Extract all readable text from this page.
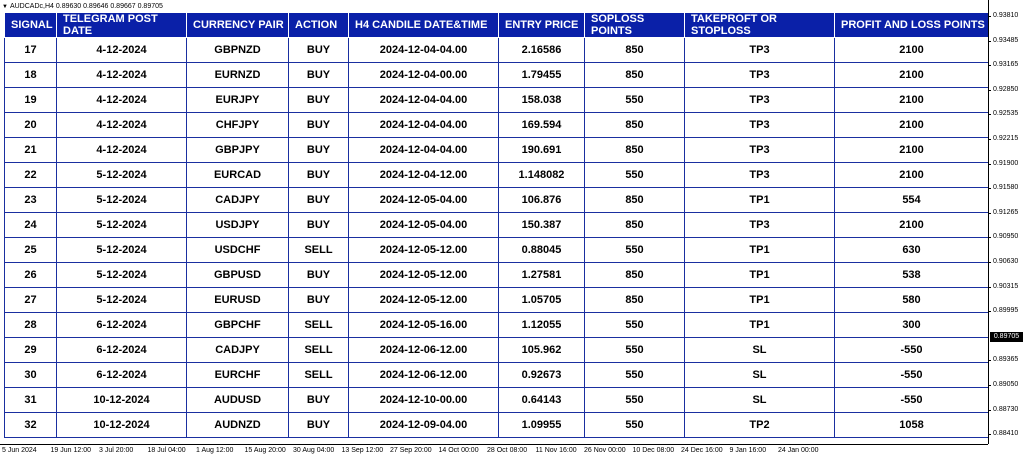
▼ AUDCADc,H4 0.89630 0.89646 0.89667 0.89705
SIGNAL	TELEGRAM POST DATE	CURRENCY PAIR	ACTION	H4 CANDILE DATE&TIME	ENTRY PRICE	SOPLOSS POINTS	TAKEPROFT OR STOPLOSS	PROFIT AND LOSS POINTS
17	4-12-2024	GBPNZD	BUY	2024-12-04-04.00	2.16586	850	TP3	2100
18	4-12-2024	EURNZD	BUY	2024-12-04-00.00	1.79455	850	TP3	2100
19	4-12-2024	EURJPY	BUY	2024-12-04-04.00	158.038	550	TP3	2100
20	4-12-2024	CHFJPY	BUY	2024-12-04-04.00	169.594	850	TP3	2100
21	4-12-2024	GBPJPY	BUY	2024-12-04-04.00	190.691	850	TP3	2100
22	5-12-2024	EURCAD	BUY	2024-12-04-12.00	1.148082	550	TP3	2100
23	5-12-2024	CADJPY	BUY	2024-12-05-04.00	106.876	850	TP1	554
24	5-12-2024	USDJPY	BUY	2024-12-05-04.00	150.387	850	TP3	2100
25	5-12-2024	USDCHF	SELL	2024-12-05-12.00	0.88045	550	TP1	630
26	5-12-2024	GBPUSD	BUY	2024-12-05-12.00	1.27581	850	TP1	538
27	5-12-2024	EURUSD	BUY	2024-12-05-12.00	1.05705	850	TP1	580
28	6-12-2024	GBPCHF	SELL	2024-12-05-16.00	1.12055	550	TP1	300
29	6-12-2024	CADJPY	SELL	2024-12-06-12.00	105.962	550	SL	-550
30	6-12-2024	EURCHF	SELL	2024-12-06-12.00	0.92673	550	SL	-550
31	10-12-2024	AUDUSD	BUY	2024-12-10-00.00	0.64143	550	SL	-550
32	10-12-2024	AUDNZD	BUY	2024-12-09-04.00	1.09955	550	TP2	1058
0.93810
0.93485
0.93165
0.92850
0.92535
0.92215
0.91900
0.91580
0.91265
0.90950
0.90630
0.90315
0.89995
0.89705
0.89365
0.89050
0.88730
0.88410
5 Jun 2024 19 Jun 12:00 3 Jul 20:00 18 Jul 04:00 1 Aug 12:00 15 Aug 20:00 30 Aug 04:00 13 Sep 12:00 27 Sep 20:00 14 Oct 00:00 28 Oct 08:00 11 Nov 16:00 26 Nov 00:00 10 Dec 08:00 24 Dec 16:00 9 Jan 16:00 24 Jan 00:00
